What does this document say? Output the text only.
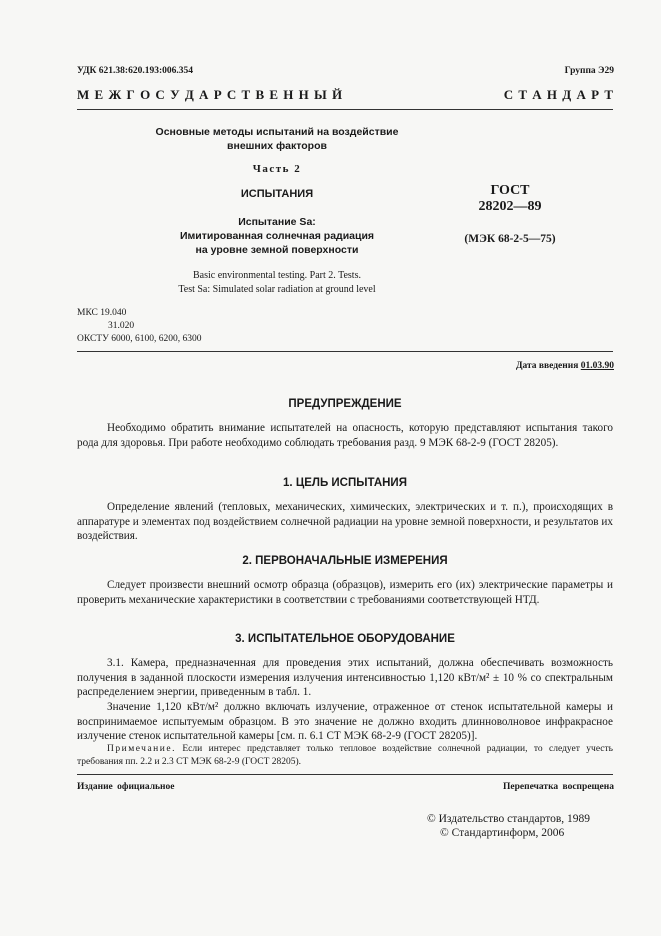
УДК 621.38:620.193:006.354	Группа Э29
М Е Ж Г О С У Д А Р С Т В Е Н Н Ы Й	С Т А Н Д А Р Т
Основные методы испытаний на воздействие
внешних факторов
Часть 2
ИСПЫТАНИЯ
Испытание Sa:
Имитированная солнечная радиация
на уровне земной поверхности
Basic environmental testing. Part 2. Tests.
Test Sa: Simulated solar radiation at ground level
ГОСТ
28202—89
(МЭК 68-2-5—75)
МКС 19.040
31.020
ОКСТУ 6000, 6100, 6200, 6300
Дата введения 01.03.90
ПРЕДУПРЕЖДЕНИЕ
Необходимо обратить внимание испытателей на опасность, которую представляют испытания такого рода для здоровья. При работе необходимо соблюдать требования разд. 9 МЭК 68-2-9 (ГОСТ 28205).
1. ЦЕЛЬ ИСПЫТАНИЯ
Определение явлений (тепловых, механических, химических, электрических и т. п.), происходящих в аппаратуре и элементах под воздействием солнечной радиации на уровне земной поверхности, и результатов их воздействия.
2. ПЕРВОНАЧАЛЬНЫЕ ИЗМЕРЕНИЯ
Следует произвести внешний осмотр образца (образцов), измерить его (их) электрические параметры и проверить механические характеристики в соответствии с требованиями соответствующей НТД.
3. ИСПЫТАТЕЛЬНОЕ ОБОРУДОВАНИЕ
3.1. Камера, предназначенная для проведения этих испытаний, должна обеспечивать возможность получения в заданной плоскости измерения излучения интенсивностью 1,120 кВт/м² ± 10 % со спектральным распределением энергии, приведенным в табл. 1.
Значение 1,120 кВт/м² должно включать излучение, отраженное от стенок испытательной камеры и воспринимаемое испытуемым образцом. В это значение не должно входить длинноволновое инфракрасное излучение стенок испытательной камеры [см. п. 6.1 СТ МЭК 68-2-9 (ГОСТ 28205)].
Примечание. Если интерес представляет только тепловое воздействие солнечной радиации, то следует учесть требования пп. 2.2 и 2.3 СТ МЭК 68-2-9 (ГОСТ 28205).
Издание официальное	Перепечатка воспрещена
© Издательство стандартов, 1989
© Стандартинформ, 2006
